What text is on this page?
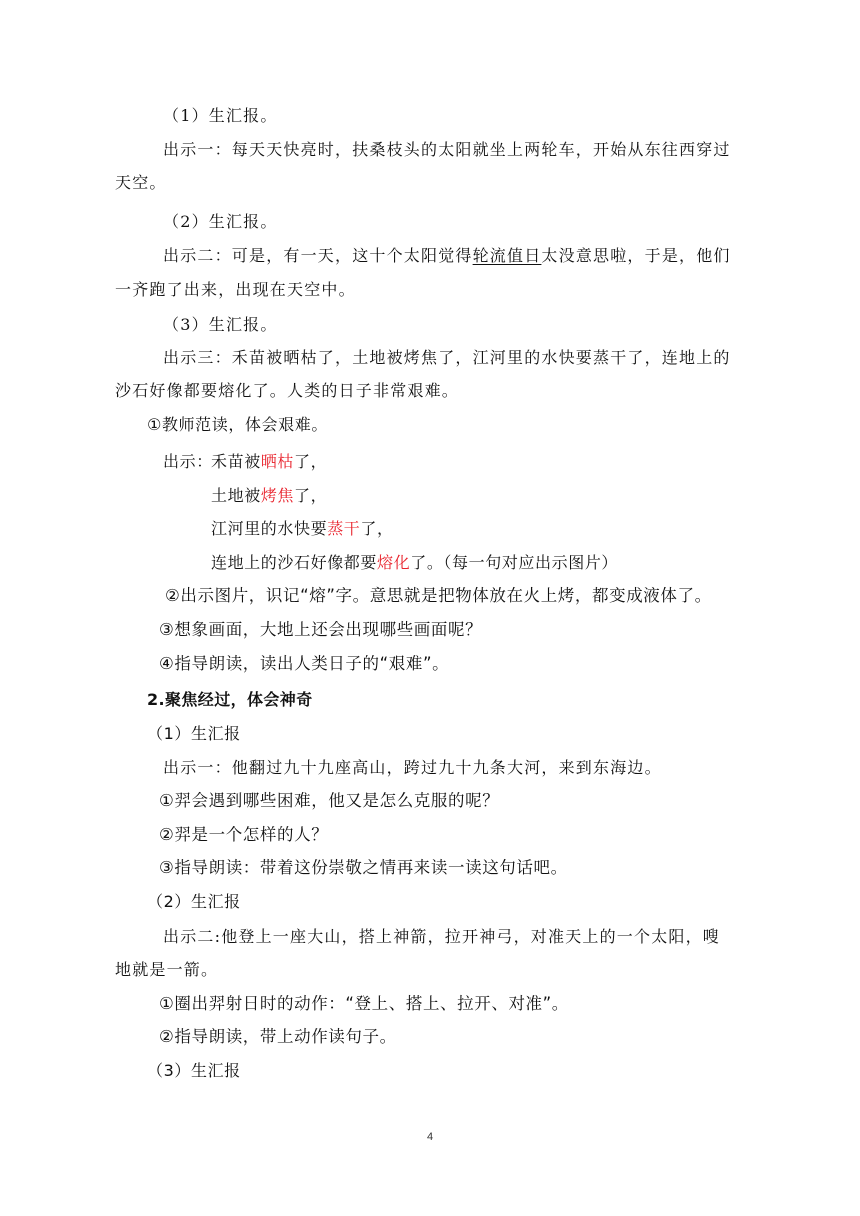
（1）生汇报。

出示一：每天天快亮时，扶桑枝头的太阳就坐上两轮车，开始从东往西穿过

天空。

（2）生汇报。

出示二：可是，有一天，这十个太阳觉得轮流值日太没意思啦，于是，他们

一齐跑了出来，出现在天空中。

（3）生汇报。

出示三：禾苗被晒枯了，土地被烤焦了，江河里的水快要蒸干了，连地上的

沙石好像都要熔化了。人类的日子非常艰难。

①教师范读，体会艰难。

出示：

禾苗被晒枯了，

土地被烤焦了，

江河里的水快要蒸干了，

连地上的沙石好像都要熔化了。（每一句对应出示图片）

②出示图片，识记“熔”字。意思就是把物体放在火上烤，都变成液体了。

③想象画面，大地上还会出现哪些画面呢？

④指导朗读，读出人类日子的“艰难”。

2.聚焦经过，体会神奇

（1）生汇报

出示一：他翻过九十九座高山，跨过九十九条大河，来到东海边。

①羿会遇到哪些困难，他又是怎么克服的呢？

②羿是一个怎样的人？

③指导朗读：带着这份崇敬之情再来读一读这句话吧。

（2）生汇报

出示二:他登上一座大山，搭上神箭，拉开神弓，对准天上的一个太阳，嗖

地就是一箭。

①圈出羿射日时的动作：“登上、搭上、拉开、对准”。

②指导朗读，带上动作读句子。

（3）生汇报

4
